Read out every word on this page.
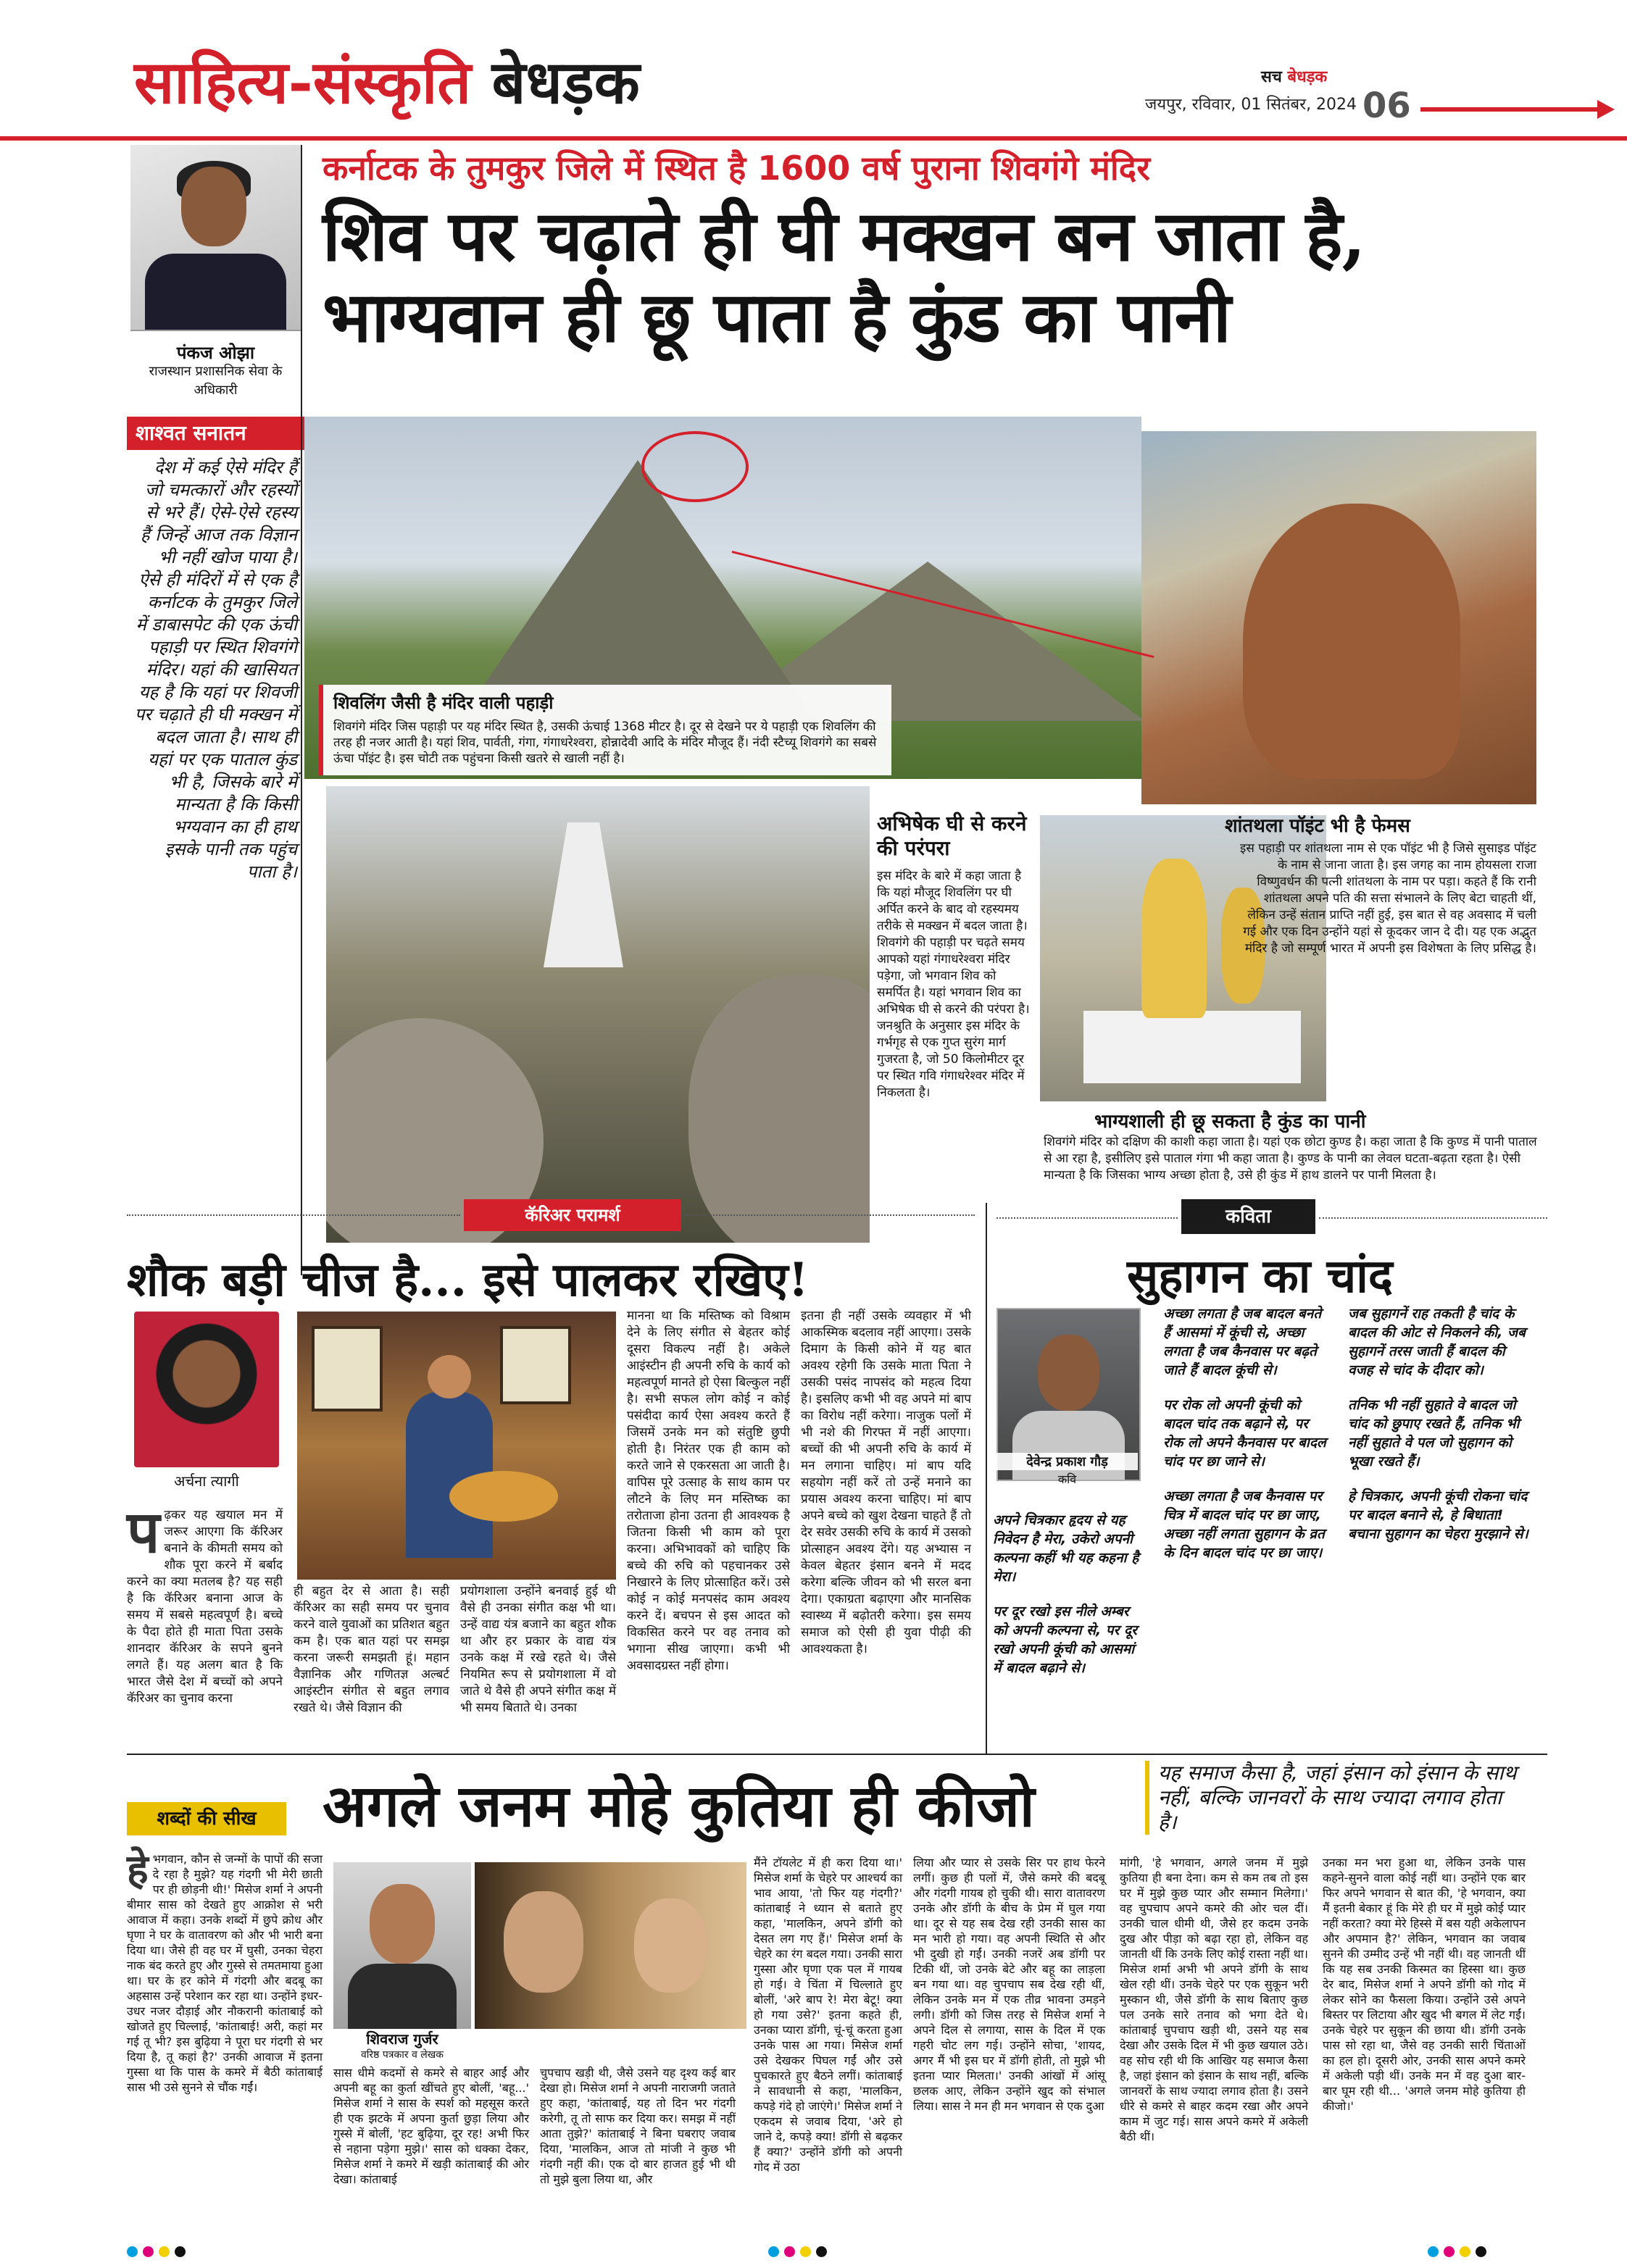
साहित्य-संस्कृति बेधड़क	सच बेधड़क
जयपुर, रविवार, 01 सितंबर, 2024 06
पंकज ओझा
राजस्थान प्रशासनिक सेवा के अधिकारी
शाश्वत सनातन
देश में कई ऐसे मंदिर हैं जो चमत्कारों और रहस्यों से भरे हैं। ऐसे-ऐसे रहस्य हैं जिन्हें आज तक विज्ञान भी नहीं खोज पाया है। ऐसे ही मंदिरों में से एक है कर्नाटक के तुमकुर जिले में डाबासपेट की एक ऊंची पहाड़ी पर स्थित शिवगंगे मंदिर। यहां की खासियत यह है कि यहां पर शिवजी पर चढ़ाते ही घी मक्खन में बदल जाता है। साथ ही यहां पर एक पाताल कुंड भी है, जिसके बारे में मान्यता है कि किसी भग्यवान का ही हाथ इसके पानी तक पहुंच पाता है।
कर्नाटक के तुमकुर जिले में स्थित है 1600 वर्ष पुराना शिवगंगे मंदिर
शिव पर चढ़ाते ही घी मक्खन बन जाता है, भाग्यवान ही छू पाता है कुंड का पानी
शिवलिंग जैसी है मंदिर वाली पहाड़ी
शिवगंगे मंदिर जिस पहाड़ी पर यह मंदिर स्थित है, उसकी ऊंचाई 1368 मीटर है। दूर से देखने पर ये पहाड़ी एक शिवलिंग की तरह ही नजर आती है। यहां शिव, पार्वती, गंगा, गंगाधरेश्वरा, होन्नादेवी आदि के मंदिर मौजूद हैं। नंदी स्टैच्यू शिवगंगे का सबसे ऊंचा पॉइंट है। इस चोटी तक पहुंचना किसी खतरे से खाली नहीं है।
अभिषेक घी से करने की परंपरा
इस मंदिर के बारे में कहा जाता है कि यहां मौजूद शिवलिंग पर घी अर्पित करने के बाद वो रहस्यमय तरीके से मक्खन में बदल जाता है। शिवगंगे की पहाड़ी पर चढ़ते समय आपको यहां गंगाधरेश्वरा मंदिर पड़ेगा, जो भगवान शिव को समर्पित है। यहां भगवान शिव का अभिषेक घी से करने की परंपरा है। जनश्रुति के अनुसार इस मंदिर के गर्भगृह से एक गुप्त सुरंग मार्ग गुजरता है, जो 50 किलोमीटर दूर पर स्थित गवि गंगाधरेश्वर मंदिर में निकलता है।
शांतथला पॉइंट भी है फेमस
इस पहाड़ी पर शांतथला नाम से एक पॉइंट भी है जिसे सुसाइड पॉइंट के नाम से जाना जाता है। इस जगह का नाम होयसला राजा विष्णुवर्धन की पत्नी शांतथला के नाम पर पड़ा। कहते हैं कि रानी शांतथला अपने पति की सत्ता संभालने के लिए बेटा चाहती थीं, लेकिन उन्हें संतान प्राप्ति नहीं हुई, इस बात से वह अवसाद में चली गई और एक दिन उन्होंने यहां से कूदकर जान दे दी। यह एक अद्भुत मंदिर है जो सम्पूर्ण भारत में अपनी इस विशेषता के लिए प्रसिद्ध है।
भाग्यशाली ही छू सकता है कुंड का पानी
शिवगंगे मंदिर को दक्षिण की काशी कहा जाता है। यहां एक छोटा कुण्ड है। कहा जाता है कि कुण्ड में पानी पाताल से आ रहा है, इसीलिए इसे पाताल गंगा भी कहा जाता है। कुण्ड के पानी का लेवल घटता-बढ़ता रहता है। ऐसी मान्यता है कि जिसका भाग्य अच्छा होता है, उसे ही कुंड में हाथ डालने पर पानी मिलता है।
कॅरिअर परामर्श	कविता
शौक बड़ी चीज है... इसे पालकर रखिए!
अर्चना त्यागी
पढ़कर यह खयाल मन में जरूर आएगा कि कॅरिअर बनाने के कीमती समय को शौक पूरा करने में बर्बाद करने का क्या मतलब है? यह सही है कि कॅरिअर बनाना आज के समय में सबसे महत्वपूर्ण है। बच्चे के पैदा होते ही माता पिता उसके शानदार कॅरिअर के सपने बुनने लगते हैं। यह अलग बात है कि भारत जैसे देश में बच्चों को अपने कॅरिअर का चुनाव करना
ही बहुत देर से आता है। सही कॅरिअर का सही समय पर चुनाव करने वाले युवाओं का प्रतिशत बहुत कम है। एक बात यहां पर समझ करना जरूरी समझती हूं। महान वैज्ञानिक और गणितज्ञ अल्बर्ट आइंस्टीन संगीत से बहुत लगाव रखते थे। जैसे विज्ञान की
प्रयोगशाला उन्होंने बनवाई हुई थी वैसे ही उनका संगीत कक्ष भी था। उन्हें वाद्य यंत्र बजाने का बहुत शौक था और हर प्रकार के वाद्य यंत्र उनके कक्ष में रखे रहते थे। जैसे नियमित रूप से प्रयोगशाला में वो जाते थे वैसे ही अपने संगीत कक्ष में भी समय बिताते थे। उनका
मानना था कि मस्तिष्क को विश्राम देने के लिए संगीत से बेहतर कोई दूसरा विकल्प नहीं है। अकेले आइंस्टीन ही अपनी रुचि के कार्य को महत्वपूर्ण मानते हो ऐसा बिल्कुल नहीं है। सभी सफल लोग कोई न कोई पसंदीदा कार्य ऐसा अवश्य करते हैं जिसमें उनके मन को संतुष्टि छुपी होती है। निरंतर एक ही काम को करते जाने से एकरसता आ जाती है। वापिस पूरे उत्साह के साथ काम पर लौटने के लिए मन मस्तिष्क का तरोताजा होना उतना ही आवश्यक है जितना किसी भी काम को पूरा करना। अभिभावकों को चाहिए कि बच्चे की रुचि को पहचानकर उसे निखारने के लिए प्रोत्साहित करें। उसे कोई न कोई मनपसंद काम अवश्य करने दें। बचपन से इस आदत को विकसित करने पर वह तनाव को भगाना सीख जाएगा। कभी भी अवसादग्रस्त नहीं होगा।
इतना ही नहीं उसके व्यवहार में भी आकस्मिक बदलाव नहीं आएगा। उसके दिमाग के किसी कोने में यह बात अवश्य रहेगी कि उसके माता पिता ने उसकी पसंद नापसंद को महत्व दिया है। इसलिए कभी भी वह अपने मां बाप का विरोध नहीं करेगा। नाजुक पलों में भी नशे की गिरफ्त में नहीं आएगा। बच्चों की भी अपनी रुचि के कार्य में मन लगाना चाहिए। मां बाप यदि सहयोग नहीं करें तो उन्हें मनाने का प्रयास अवश्य करना चाहिए। मां बाप अपने बच्चे को खुश देखना चाहते हैं तो देर सवेर उसकी रुचि के कार्य में उसको प्रोत्साहन अवश्य देंगे। यह अभ्यास न केवल बेहतर इंसान बनने में मदद करेगा बल्कि जीवन को भी सरल बना देगा। एकाग्रता बढ़ाएगा और मानसिक स्वास्थ्य में बढ़ोतरी करेगा। इस समय समाज को ऐसी ही युवा पीढ़ी की आवश्यकता है।
सुहागन का चांद
देवेन्द्र प्रकाश गौड़
कवि

अपने चित्रकार हृदय से यह निवेदन है मेरा, उकेरो अपनी कल्पना कहीं भी यह कहना है मेरा।

पर दूर रखो इस नीले अम्बर को अपनी कल्पना से, पर दूर रखो अपनी कूंची को आसमां में बादल बढ़ाने से।

अच्छा लगता है जब बादल बनते हैं आसमां में कूंची से, अच्छा लगता है जब कैनवास पर बढ़ते जाते हैं बादल कूंची से।

पर रोक लो अपनी कूंची को बादल चांद तक बढ़ाने से, पर रोक लो अपने कैनवास पर बादल चांद पर छा जाने से।

अच्छा लगता है जब कैनवास पर चित्र में बादल चांद पर छा जाए, अच्छा नहीं लगता सुहागन के व्रत के दिन बादल चांद पर छा जाए।

जब सुहागनें राह तकती है चांद के बादल की ओट से निकलने की, जब सुहागनें तरस जाती हैं बादल की वजह से चांद के दीदार को।

तनिक भी नहीं सुहाते वे बादल जो चांद को छुपाए रखते हैं, तनिक भी नहीं सुहाते वे पल जो सुहागन को भूखा रखते हैं।

हे चित्रकार, अपनी कूंची रोकना चांद पर बादल बनाने से, हे बिधाता! बचाना सुहागन का चेहरा मुरझाने से।

शब्दों की सीख	अगले जनम मोहे कुतिया ही कीजो	यह समाज कैसा है, जहां इंसान को इंसान के साथ नहीं, बल्कि जानवरों के साथ ज्यादा लगाव होता है।
शिवराज गुर्जर
वरिष्ठ पत्रकार व लेखक
हेभगवान, कौन से जन्मों के पापों की सजा दे रहा है मुझे? यह गंदगी भी मेरी छाती पर ही छोड़नी थी!' मिसेज शर्मा ने अपनी बीमार सास को देखते हुए आक्रोश से भरी आवाज में कहा। उनके शब्दों में छुपे क्रोध और घृणा ने घर के वातावरण को और भी भारी बना दिया था। जैसे ही वह घर में घुसी, उनका चेहरा नाक बंद करते हुए और गुस्से से तमतमाया हुआ था। घर के हर कोने में गंदगी और बदबू का अहसास उन्हें परेशान कर रहा था। उन्होंने इधर-उधर नजर दौड़ाई और नौकरानी कांताबाई को खोजते हुए चिल्लाई, 'कांताबाई! अरी, कहां मर गई तू भी? इस बुढ़िया ने पूरा घर गंदगी से भर दिया है, तू कहां है?' उनकी आवाज में इतना गुस्सा था कि पास के कमरे में बैठी कांताबाई सास भी उसे सुनने से चौंक गईं।
सास धीमे कदमों से कमरे से बाहर आईं और अपनी बहू का कुर्ता खींचते हुए बोलीं, 'बहू...' मिसेज शर्मा ने सास के स्पर्श को महसूस करते ही एक झटके में अपना कुर्ता छुड़ा लिया और गुस्से में बोलीं, 'हट बुढ़िया, दूर रह! अभी फिर से नहाना पड़ेगा मुझे।' सास को धक्का देकर, मिसेज शर्मा ने कमरे में खड़ी कांताबाई की ओर देखा। कांताबाई
चुपचाप खड़ी थी, जैसे उसने यह दृश्य कई बार देखा हो। मिसेज शर्मा ने अपनी नाराजगी जताते हुए कहा, 'कांताबाई, यह तो दिन भर गंदगी करेगी, तू तो साफ कर दिया कर। समझ में नहीं आता तुझे?' कांताबाई ने बिना घबराए जवाब दिया, 'मालकिन, आज तो मांजी ने कुछ भी गंदगी नहीं की। एक दो बार हाजत हुई भी थी तो मुझे बुला लिया था, और
मैंने टॉयलेट में ही करा दिया था।' मिसेज शर्मा के चेहरे पर आश्चर्य का भाव आया, 'तो फिर यह गंदगी?' कांताबाई ने ध्यान से बताते हुए कहा, 'मालकिन, अपने डॉगी को देसत लग गए हैं।' मिसेज शर्मा के चेहरे का रंग बदल गया। उनकी सारा गुस्सा और घृणा एक पल में गायब हो गई। वे चिंता में चिल्लाते हुए बोलीं, 'अरे बाप रे! मेरा बेटू! क्या हो गया उसे?' इतना कहते ही, उनका प्यारा डॉगी, चूं-चूं करता हुआ उनके पास आ गया। मिसेज शर्मा उसे देखकर पिघल गईं और उसे पुचकारते हुए बैठने लगीं। कांताबाई ने सावधानी से कहा, 'मालकिन, कपड़े गंदे हो जाएंगे।' मिसेज शर्मा ने एकदम से जवाब दिया, 'अरे हो जाने दे, कपड़े क्या! डॉगी से बढ़कर हैं क्या?' उन्होंने डॉगी को अपनी गोद में उठा
लिया और प्यार से उसके सिर पर हाथ फेरने लगीं। कुछ ही पलों में, जैसे कमरे की बदबू और गंदगी गायब हो चुकी थी। सारा वातावरण उनके और डॉगी के बीच के प्रेम में घुल गया था। दूर से यह सब देख रही उनकी सास का मन भारी हो गया। वह अपनी स्थिति से और भी दुखी हो गईं। उनकी नजरें अब डॉगी पर टिकी थीं, जो उनके बेटे और बहू का लाड़ला बन गया था। वह चुपचाप सब देख रही थीं, लेकिन उनके मन में एक तीव्र भावना उमड़ने लगी। डॉगी को जिस तरह से मिसेज शर्मा ने अपने दिल से लगाया, सास के दिल में एक गहरी चोट लग गई। उन्होंने सोचा, 'शायद, अगर मैं भी इस घर में डॉगी होती, तो मुझे भी इतना प्यार मिलता।' उनकी आंखों में आंसू छलक आए, लेकिन उन्होंने खुद को संभाल लिया। सास ने मन ही मन भगवान से एक दुआ
मांगी, 'हे भगवान, अगले जनम में मुझे कुतिया ही बना देना। कम से कम तब तो इस घर में मुझे कुछ प्यार और सम्मान मिलेगा।' वह चुपचाप अपने कमरे की ओर चल दीं। उनकी चाल धीमी थी, जैसे हर कदम उनके दुख और पीड़ा को बढ़ा रहा हो, लेकिन वह जानती थीं कि उनके लिए कोई रास्ता नहीं था। मिसेज शर्मा अभी भी अपने डॉगी के साथ खेल रही थीं। उनके चेहरे पर एक सुकून भरी मुस्कान थी, जैसे डॉगी के साथ बिताए कुछ पल उनके सारे तनाव को भगा देते थे। कांताबाई चुपचाप खड़ी थी, उसने यह सब देखा और उसके दिल में भी कुछ खयाल उठे। वह सोच रही थी कि आखिर यह समाज कैसा है, जहां इंसान को इंसान के साथ नहीं, बल्कि जानवरों के साथ ज्यादा लगाव होता है। उसने धीरे से कमरे से बाहर कदम रखा और अपने काम में जुट गई। सास अपने कमरे में अकेली बैठी थीं।
उनका मन भरा हुआ था, लेकिन उनके पास कहने-सुनने वाला कोई नहीं था। उन्होंने एक बार फिर अपने भगवान से बात की, 'हे भगवान, क्या मैं इतनी बेकार हूं कि मेरे ही घर में मुझे कोई प्यार नहीं करता? क्या मेरे हिस्से में बस यही अकेलापन और अपमान है?' लेकिन, भगवान का जवाब सुनने की उम्मीद उन्हें भी नहीं थी। वह जानती थीं कि यह सब उनकी किस्मत का हिस्सा था। कुछ देर बाद, मिसेज शर्मा ने अपने डॉगी को गोद में लेकर सोने का फैसला किया। उन्होंने उसे अपने बिस्तर पर लिटाया और खुद भी बगल में लेट गईं। उनके चेहरे पर सुकून की छाया थी। डॉगी उनके पास सो रहा था, जैसे वह उनकी सारी चिंताओं का हल हो। दूसरी ओर, उनकी सास अपने कमरे में अकेली पड़ी थीं। उनके मन में वह दुआ बार-बार घूम रही थी... 'अगले जनम मोहे कुतिया ही कीजो।'
